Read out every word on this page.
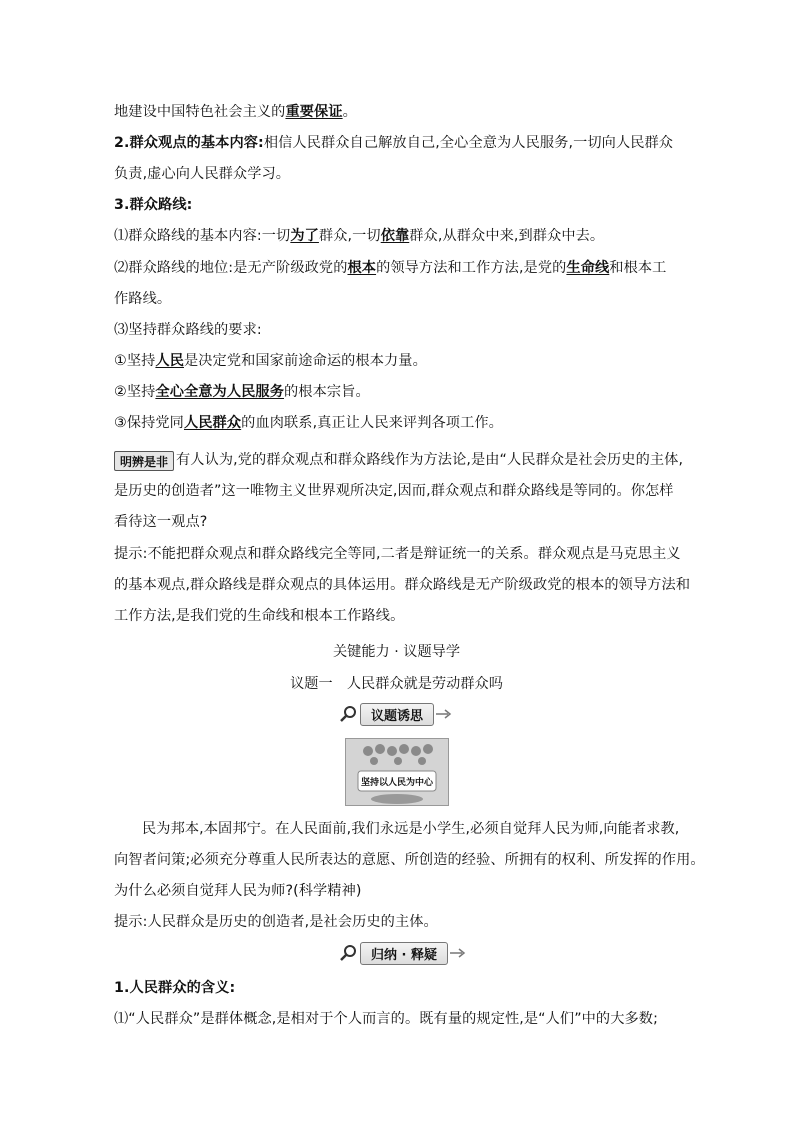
地建设中国特色社会主义的重要保证。
2.群众观点的基本内容:相信人民群众自己解放自己,全心全意为人民服务,一切向人民群众
负责,虚心向人民群众学习。
3.群众路线:
⑴群众路线的基本内容:一切为了群众,一切依靠群众,从群众中来,到群众中去。
⑵群众路线的地位:是无产阶级政党的根本的领导方法和工作方法,是党的生命线和根本工
作路线。
⑶坚持群众路线的要求:
①坚持人民是决定党和国家前途命运的根本力量。
②坚持全心全意为人民服务的根本宗旨。
③保持党同人民群众的血肉联系,真正让人民来评判各项工作。
明辨是非 有人认为,党的群众观点和群众路线作为方法论,是由“人民群众是社会历史的主体,
是历史的创造者”这一唯物主义世界观所决定,因而,群众观点和群众路线是等同的。你怎样
看待这一观点?
提示:不能把群众观点和群众路线完全等同,二者是辩证统一的关系。群众观点是马克思主义
的基本观点,群众路线是群众观点的具体运用。群众路线是无产阶级政党的根本的领导方法和
工作方法,是我们党的生命线和根本工作路线。
关键能力 · 议题导学
议题一　人民群众就是劳动群众吗
议题诱思
坚持以人民为中心
民为邦本,本固邦宁。在人民面前,我们永远是小学生,必须自觉拜人民为师,向能者求教,
向智者问策;必须充分尊重人民所表达的意愿、所创造的经验、所拥有的权利、所发挥的作用。
为什么必须自觉拜人民为师?(科学精神)
提示:人民群众是历史的创造者,是社会历史的主体。
归纳 · 释疑
1.人民群众的含义:
⑴“人民群众”是群体概念,是相对于个人而言的。既有量的规定性,是“人们”中的大多数;
